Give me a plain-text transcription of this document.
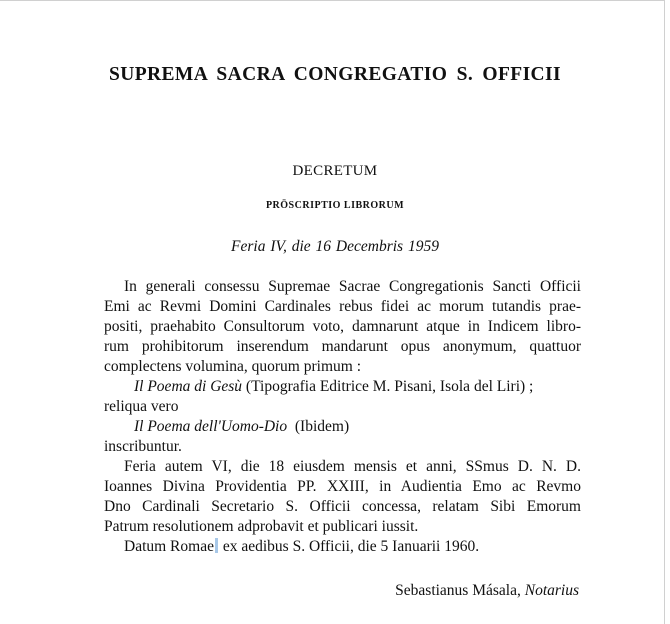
SUPREMA SACRA CONGREGATIO S. OFFICII
DECRETUM
PRŌSCRIPTIO LIBRORUM
Feria IV, die 16 Decembris 1959
In generali consessu Supremae Sacrae Congregationis Sancti Officii
Emi ac Revmi Domini Cardinales rebus fidei ac morum tutandis prae-
positi, praehabito Consultorum voto, damnarunt atque in Indicem libro-
rum prohibitorum inserendum mandarunt opus anonymum, quattuor
complectens volumina, quorum primum :
Il Poema di Gesù (Tipografia Editrice M. Pisani, Isola del Liri) ;
reliqua vero
Il Poema dell'Uomo-Dio  (Ibidem)
inscribuntur.
Feria autem VI, die 18 eiusdem mensis et anni, SSmus D. N. D.
Ioannes Divina Providentia PP. XXIII, in Audientia Emo ac Revmo
Dno Cardinali Secretario S. Officii concessa, relatam Sibi Emorum
Patrum resolutionem adprobavit et publicari iussit.
Datum Romae ex aedibus S. Officii, die 5 Ianuarii 1960.
Sebastianus Másala, Notarius
